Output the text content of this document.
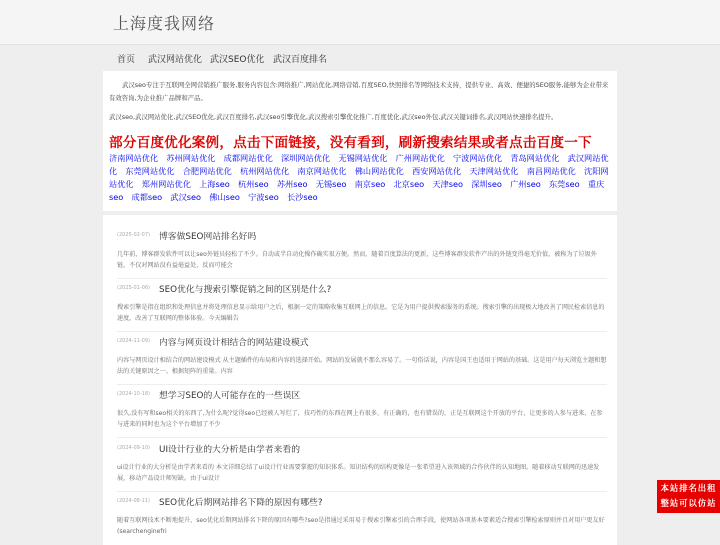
上海度我网络
首页 武汉网站优化 武汉SEO优化 武汉百度排名

武汉seo专注于互联网全网营销推广服务,服务内容包含:网络推广,网站优化,网络营销,百度SEO,快照排名等网络技术支持，提供专业、高效、便捷的SEO服务,能够为企业带来有效咨询,为企业推广品牌和产品。

武汉seo,武汉网站优化,武汉SEO优化,武汉百度排名,武汉seo引擎优化,武汉搜索引擎优化推广,百度优化,武汉seo外包,武汉关键词排名,武汉网站快速排名提升。

部分百度优化案例，点击下面链接，没有看到，刷新搜索结果或者点击百度一下
济南网站优化  苏州网站优化  成都网站优化  深圳网站优化  无锡网站优化  广州网站优化  宁波网站优化  青岛网站优化  武汉网站优化  东莞网站优化  合肥网站优化  杭州网站优化  南京网站优化  佛山网站优化  西安网站优化  天津网站优化  南昌网站优化  沈阳网站优化  郑州网站优化  上海seo  杭州seo  苏州seo  无锡seo  南京seo  北京seo  天津seo  深圳seo  广州seo  东莞seo  重庆seo  成都seo  武汉seo  佛山seo  宁波seo  长沙seo 
(2025-02-07) 博客做SEO网站排名好吗
几年前，博客群发软件可以让seo外链员轻松了不少。自动或半自动化操作确实很方便。然而，随着百度算法的更新，这些博客群发软件产出的外链变得毫无价值，被称为了垃圾外链，不仅对网站没有益毫益处，反而可能会
(2025-01-06) SEO优化与搜索引擎促销之间的区别是什么?
搜索引擎是指在组织和处理信息并将处理信息显示给用户之后，根据一定的策略收集互联网上的信息。它是为用户提供搜索服务的系统。搜索引擎的出现极大地改善了网民检索信息的速度，改善了互联网的整体体验。今天编辑告
(2024-11-09) 内容与网页设计相结合的网站建设模式
内容与网页设计相结合的网站建设模式 从主题插件的布局和内容的选择开始。网站的发展就不那么容易了。一句俗话说，内容是国王也适用于网站的基础。这是用户每天浏览主题和想法的关键原因之一。根据矩阵的重量。内容
(2024-10-18) 想学习SEO的人可能存在的一些误区
很久,没有写和seo相关的东西了,为什么呢?觉得seo已经被人写烂了，技巧性的东西在网上有很多，有正确的，也有错误的，正是互联网这个开放的平台，让更多的人参与进来，在参与进来的同时也为这个平台增加了不少
(2024-09-10) UI设计行业的大分析是由学者来看的
ui设计行业的大分析是由学者来看的 本文详细总结了ui设计行业需要掌握的知识体系。知识结构的结构更像是一张希望进入该领域的合作伙伴的认知地图。随着移动互联网的迅速发展，移动产品设计师短缺。由于ui设计
(2024-08-11) SEO优化后期网站排名下降的原因有哪些?
随着互联网技术不断地提升，seo优化后期网站排名下降的原因有哪些?seo是指通过采用易于搜索引擎索引的合理手段，使网站各项基本要素适合搜索引擎检索原则并且对用户更友好(searchenginefri
本站排名出租
整站可以仿站
